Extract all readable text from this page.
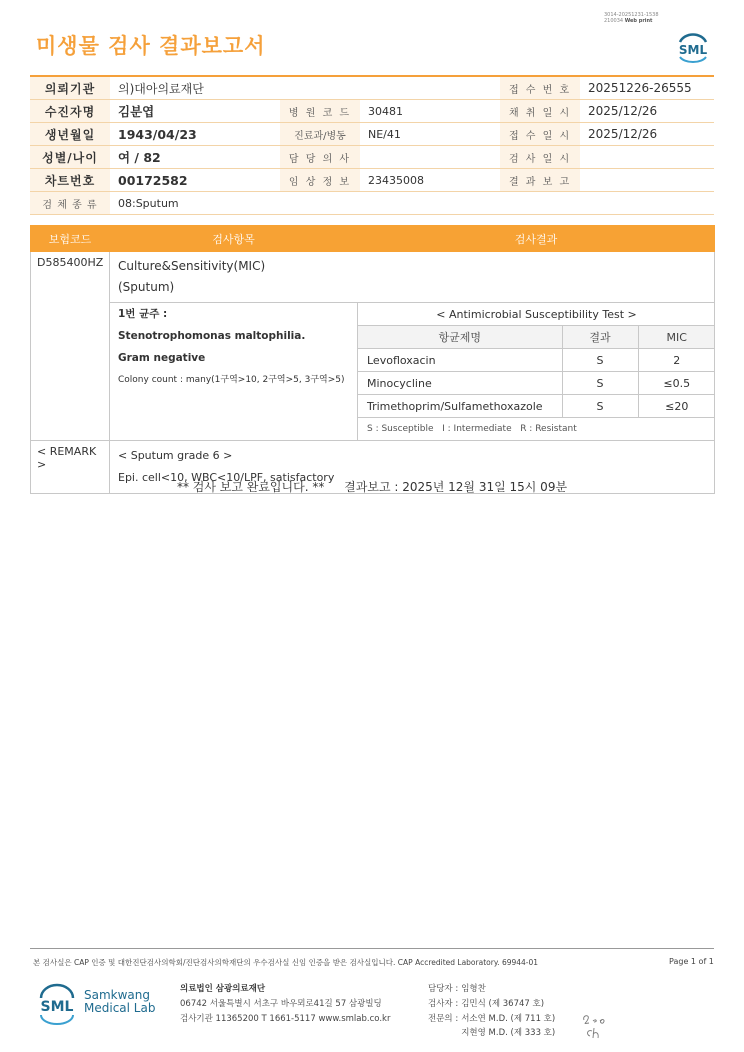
미생물 검사 결과보고서
3014-20251231-1538
210034 Web print
SML
의뢰기관	의)대아의료재단			접 수 번 호	20251226-26555
수진자명	김분엽	병 원 코 드	30481	채 취 일 시	2025/12/26
생년월일	1943/04/23	진료과/병동	NE/41	접 수 일 시	2025/12/26
성별/나이	여 / 82	담 당 의 사		검 사 일 시	
차트번호	00172582	임 상 정 보	23435008	결 과 보 고	
검 체 종 류	08:Sputum				
보험코드	검사항목	검사결과
D585400HZ	Culture&Sensitivity(MIC)
(Sputum)

1번 균주 :
Stenotrophomonas maltophilia.
Gram negative
Colony count : many(1구역>10, 2구역>5, 3구역>5)

< Antimicrobial Susceptibility Test >
항균제명	결과	MIC
Levofloxacin	S	2
Minocycline	S	≤0.5
Trimethoprim/Sulfamethoxazole	S	≤20
S : Susceptible   I : Intermediate   R : Resistant

< REMARK >	
< Sputum grade 6 >
Epi. cell<10, WBC<10/LPF, satisfactory
** 검사 보고 완료입니다. ** 결과보고 : 2025년 12월 31일 15시 09분
본 검사실은 CAP 인증 및 대한진단검사의학회/진단검사의학재단의 우수검사실 신임 인증을 받은 검사실입니다. CAP Accredited Laboratory. 69944-01	Page 1 of 1
SML
Samkwang
Medical Lab
의료법인 삼광의료재단
06742 서울특별시 서초구 바우뫼로41길 57 삼광빌딩
검사기관 11365200 T 1661-5117 www.smlab.co.kr
담당자 :	임형찬
검사자 :	김민식 (제 36747 호)
전문의 :	서소연 M.D. (제 711 호)
	지현영 M.D. (제 333 호)
